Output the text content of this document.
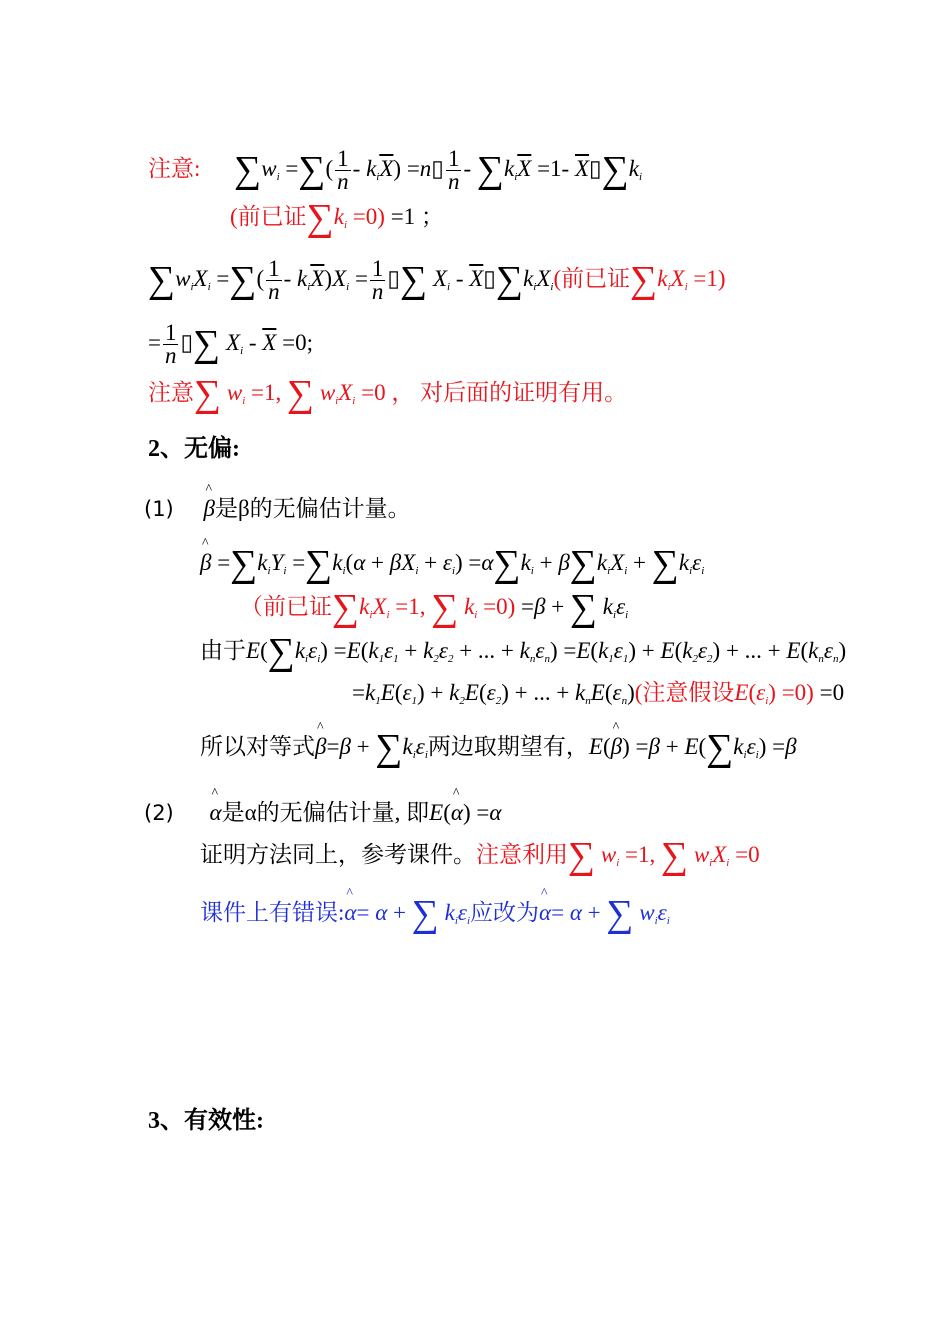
注意: $\sum w_i$ =∑( $\frac{1}{n} - k_i\overline{X}$) =n▯ $\frac{1}{n} - \sum k_i\overline{X} =1-$ $\overline{X}▯\sum k_i$
(前已证$\sum k_i =0) =1$ ；
$\sum w_iX_i$ =∑( $\frac{1}{n} - k_i\overline{X})X_i = \frac{1}{n}$ ▯∑ $X_i$ - $\overline{X}▯\sum k_iX_i$(前已证$\sum k_iX_i =1$)
= $\frac{1}{n}$ ▯∑ $X_i - \overline{X} =0$;
注意∑ $w_i =1$, ∑ $w_iX_i =0$ ， 对后面的证明有用。
2、无偏:
(1) ^ β是β的无偏估计量。
^ $\beta =\sum k_iY_i =\sum k_i(\alpha + \beta X_i + \varepsilon_i) =\alpha\sum k_i + \beta\sum k_iX_i + \sum k_i\varepsilon_i$
（前已证$\sum k_iX_i =1$, ∑ $k_i =0) =\beta$ + ∑ $k_i\varepsilon_i$
由于$E(\sum k_i\varepsilon_i) =E(k_1\varepsilon_1 + k_2\varepsilon_2$ + ... + $k_n\varepsilon_n) =E(k_1\varepsilon_1) + E(k_2\varepsilon_2)$ + ... + $E(k_n\varepsilon_n)$
$=k_1E(\varepsilon_1) + k_2E(\varepsilon_2)$ + ... + $k_nE(\varepsilon_n)$(注意假设$E(\varepsilon_i) =0) =0$
所以对等式^ $\beta=\beta + \sum k_i\varepsilon_i$两边取期望有，E(^ $\beta) =\beta + E(\sum k_i\varepsilon_i) =\beta$
(2) ^ α是α的无偏估计量, 即E(^ α) =α
证明方法同上，参考课件。注意利用∑ $w_i =1$, ∑ $w_iX_i =0$
课件上有错误:^ α= α + ∑ $k_i\varepsilon_i$应改为^ α= α + ∑ $w_i\varepsilon_i$
3、有效性:
